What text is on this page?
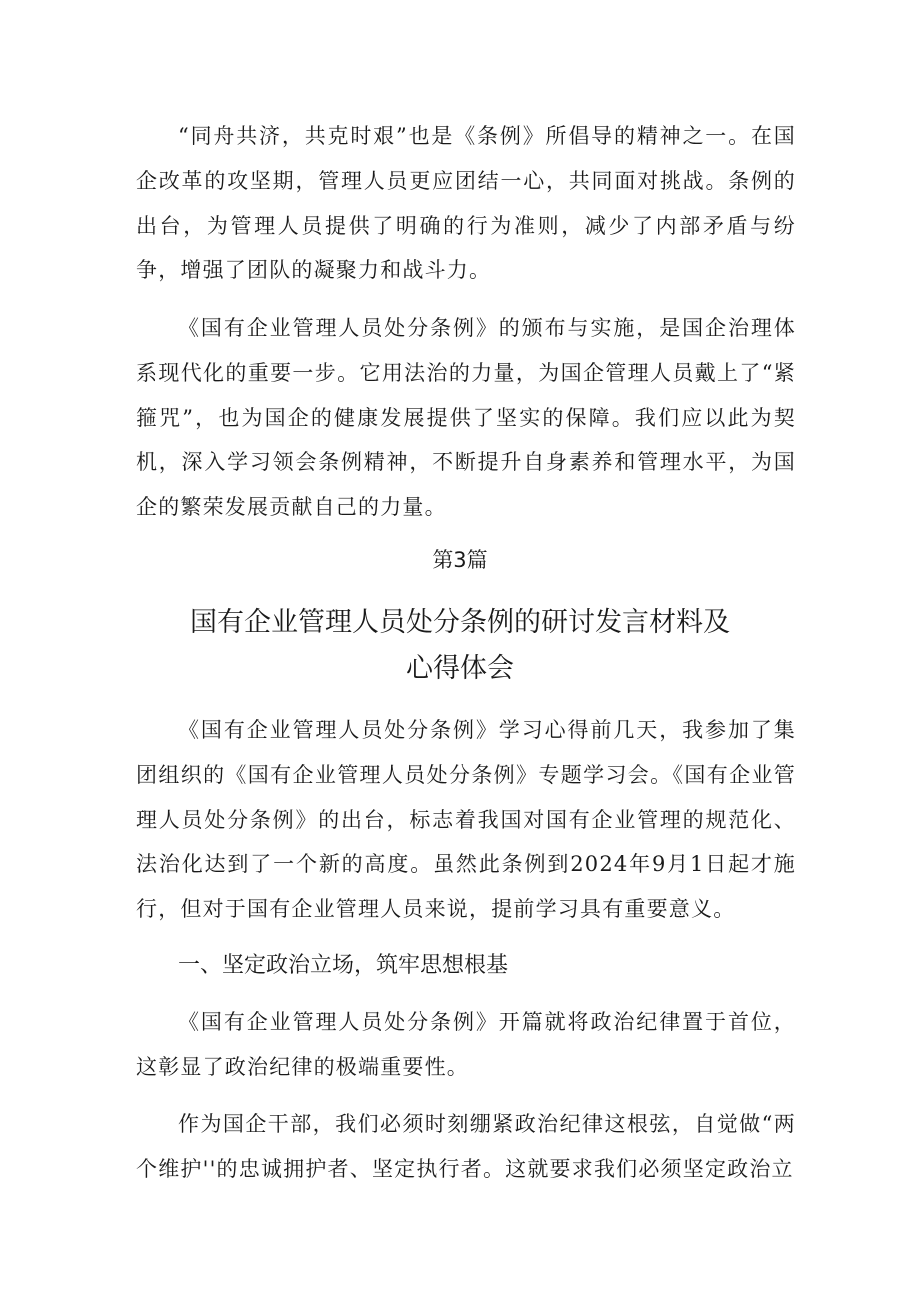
“同舟共济，共克时艰”也是《条例》所倡导的精神之一。在国企改革的攻坚期，管理人员更应团结一心，共同面对挑战。条例的出台，为管理人员提供了明确的行为准则，减少了内部矛盾与纷争，增强了团队的凝聚力和战斗力。

《国有企业管理人员处分条例》的颁布与实施，是国企治理体系现代化的重要一步。它用法治的力量，为国企管理人员戴上了“紧箍咒”，也为国企的健康发展提供了坚实的保障。我们应以此为契机，深入学习领会条例精神，不断提升自身素养和管理水平，为国企的繁荣发展贡献自己的力量。

第3篇

国有企业管理人员处分条例的研讨发言材料及
心得体会

《国有企业管理人员处分条例》学习心得前几天，我参加了集团组织的《国有企业管理人员处分条例》专题学习会。《国有企业管理人员处分条例》的出台，标志着我国对国有企业管理的规范化、法治化达到了一个新的高度。虽然此条例到2024年9月1日起才施行，但对于国有企业管理人员来说，提前学习具有重要意义。

一、坚定政治立场，筑牢思想根基

《国有企业管理人员处分条例》开篇就将政治纪律置于首位，这彰显了政治纪律的极端重要性。

作为国企干部，我们必须时刻绷紧政治纪律这根弦，自觉做“两个维护''的忠诚拥护者、坚定执行者。这就要求我们必须坚定政治立
